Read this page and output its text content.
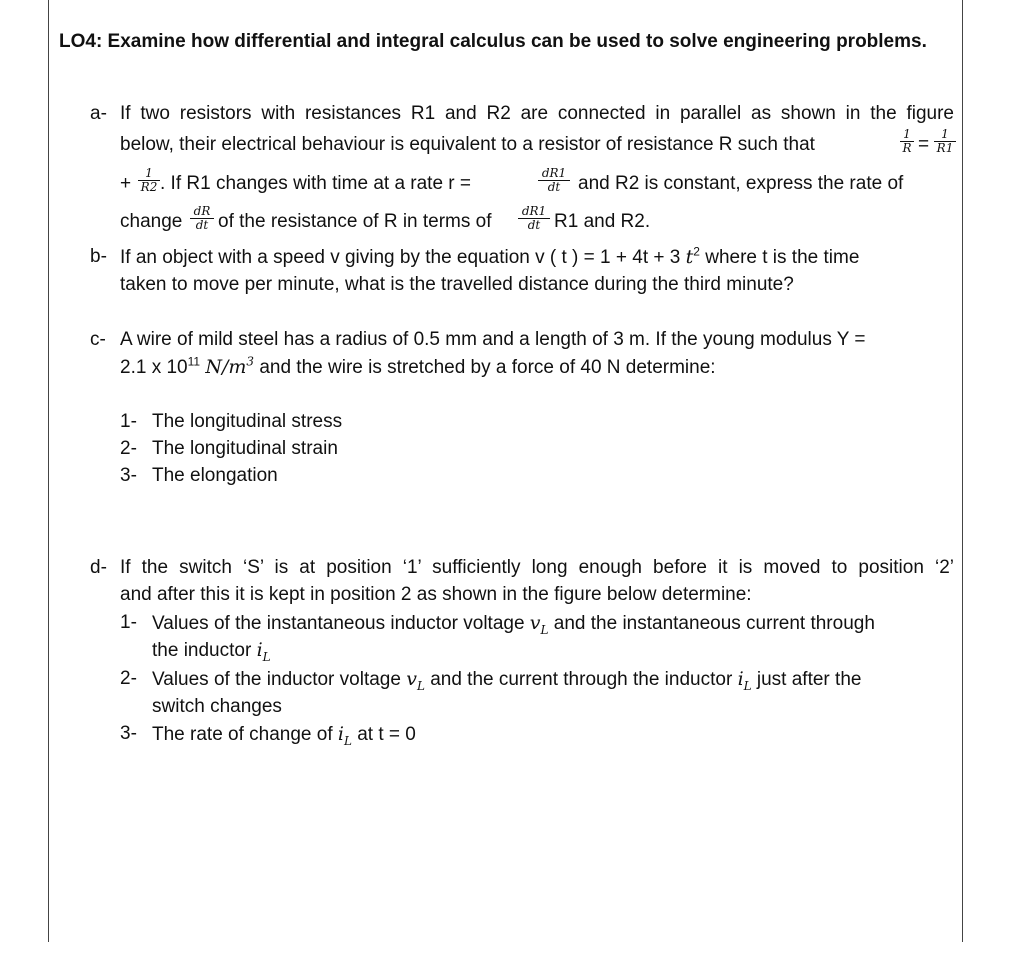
LO4: Examine how differential and integral calculus can be used to solve engineering problems.
a- If two resistors with resistances R1 and R2 are connected in parallel as shown in the figure
below, their electrical behaviour is equivalent to a resistor of resistance R such that	$\frac{1}{R} = \frac{1}{R1}$
+ $\frac{1}{R2}$ . If R1 changes with time at a rate r =	$\frac{dR1}{dt}$ and R2 is constant, express the rate of
change $\frac{dR}{dt}$ of the resistance of R in terms of $\frac{dR1}{dt} R1$ and R2.
b- If an object with a speed v giving by the equation v ( t ) = 1 + 4t + 3 $t^2$ where t is the time
taken to move per minute, what is the travelled distance during the third minute?
c- A wire of mild steel has a radius of 0.5 mm and a length of 3 m. If the young modulus Y =
2.1 x $10^{11}$ $N/m^3$ and the wire is stretched by a force of 40 N determine:
1- The longitudinal stress
2- The longitudinal strain
3- The elongation
d- If the switch ‘S’ is at position ‘1’ sufficiently long enough before it is moved to position ‘2’
and after this it is kept in position 2 as shown in the figure below determine:
1- Values of the instantaneous inductor voltage $v_L$ and the instantaneous current through
the inductor $i_L$
2- Values of the inductor voltage $v_L$ and the current through the inductor $i_L$ just after the
switch changes
3- The rate of change of $i_L$ at t = 0
